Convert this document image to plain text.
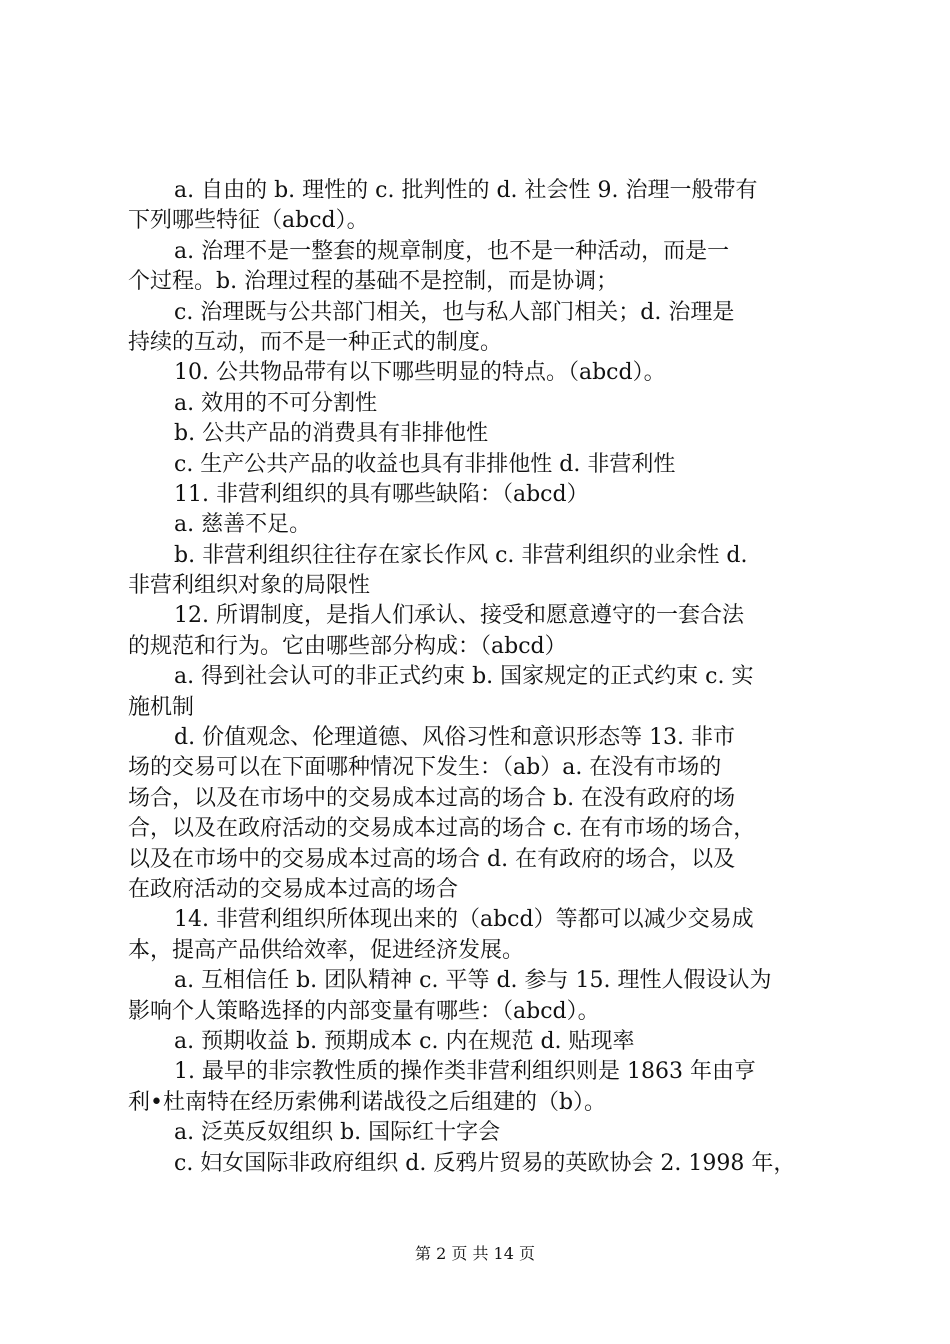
a. 自由的 b. 理性的 c. 批判性的 d. 社会性 9. 治理一般带有
下列哪些特征（abcd）。
a. 治理不是一整套的规章制度，也不是一种活动，而是一
个过程。b. 治理过程的基础不是控制，而是协调；
c. 治理既与公共部门相关，也与私人部门相关；d. 治理是
持续的互动，而不是一种正式的制度。
10. 公共物品带有以下哪些明显的特点。（abcd）。
a. 效用的不可分割性
b. 公共产品的消费具有非排他性
c. 生产公共产品的收益也具有非排他性 d. 非营利性
11. 非营利组织的具有哪些缺陷：（abcd）
a. 慈善不足。
b. 非营利组织往往存在家长作风 c. 非营利组织的业余性 d.
非营利组织对象的局限性
12. 所谓制度，是指人们承认、接受和愿意遵守的一套合法
的规范和行为。它由哪些部分构成：（abcd）
a. 得到社会认可的非正式约束 b. 国家规定的正式约束 c. 实
施机制
d. 价值观念、伦理道德、风俗习性和意识形态等 13. 非市
场的交易可以在下面哪种情况下发生：（ab）a. 在没有市场的
场合，以及在市场中的交易成本过高的场合 b. 在没有政府的场
合，以及在政府活动的交易成本过高的场合 c. 在有市场的场合，
以及在市场中的交易成本过高的场合 d. 在有政府的场合，以及
在政府活动的交易成本过高的场合
14. 非营利组织所体现出来的（abcd）等都可以减少交易成
本，提高产品供给效率，促进经济发展。
a. 互相信任 b. 团队精神 c. 平等 d. 参与 15. 理性人假设认为
影响个人策略选择的内部变量有哪些：（abcd）。
a. 预期收益 b. 预期成本 c. 内在规范 d. 贴现率
1. 最早的非宗教性质的操作类非营利组织则是 1863 年由亨
利•杜南特在经历索佛利诺战役之后组建的（b）。
a. 泛英反奴组织 b. 国际红十字会
c. 妇女国际非政府组织 d. 反鸦片贸易的英欧协会 2. 1998 年，
第 2 页 共 14 页
